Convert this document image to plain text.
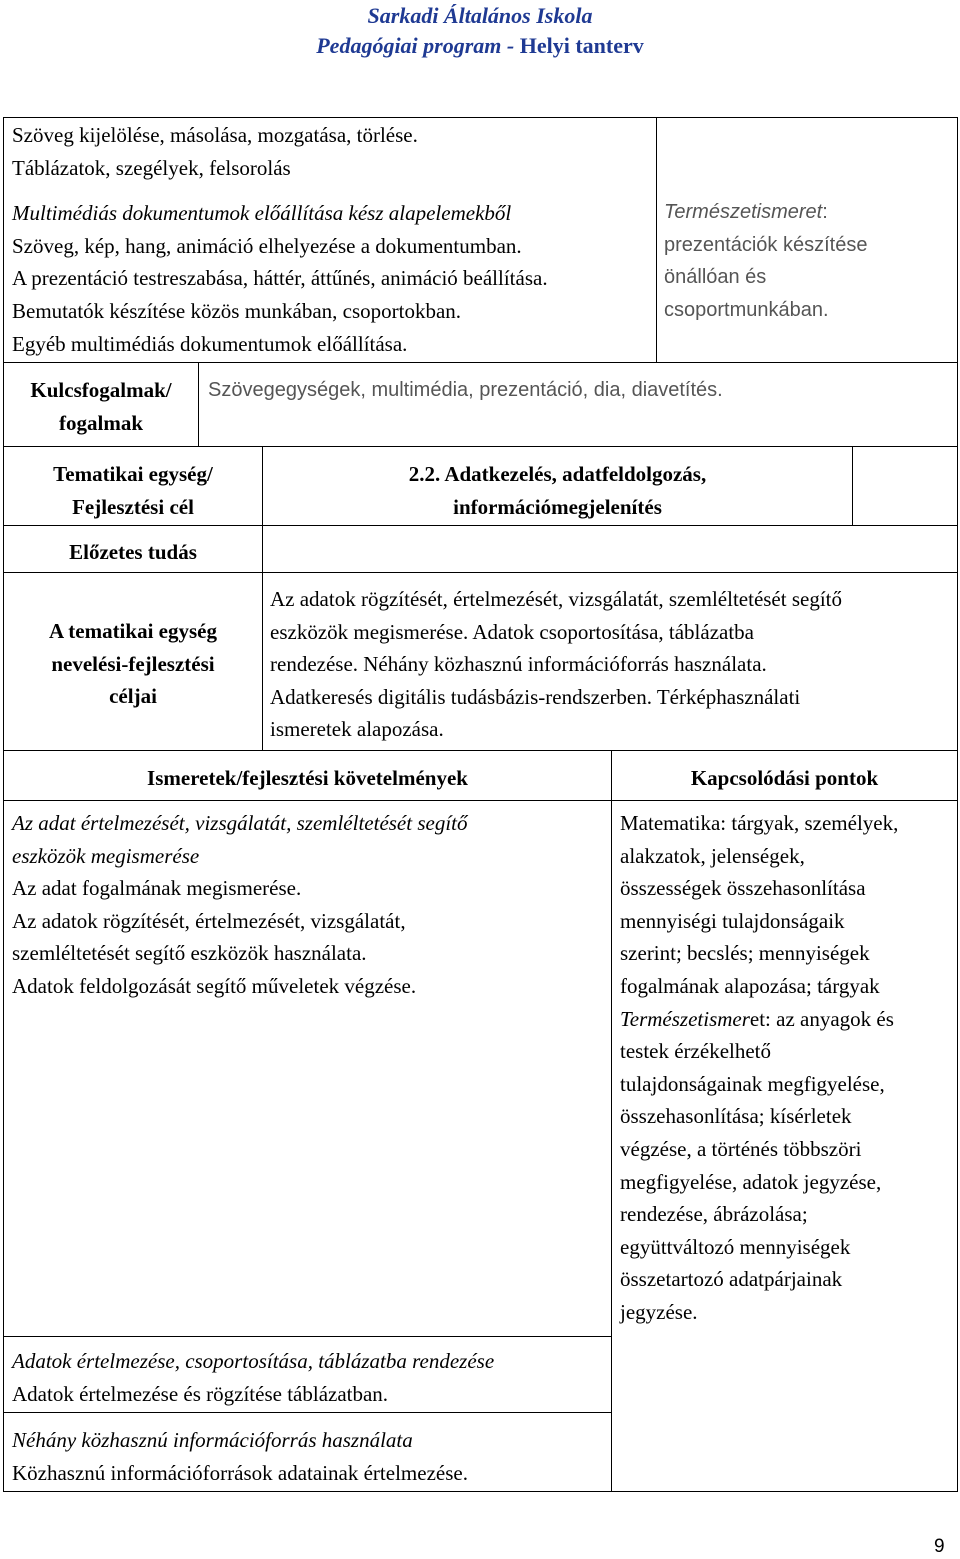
Sarkadi Általános Iskola
Pedagógiai program - Helyi tanterv
Szöveg kijelölése, másolása, mozgatása, törlése.
Táblázatok, szegélyek, felsorolás
Multimédiás dokumentumok előállítása kész alapelemekből
Szöveg, kép, hang, animáció elhelyezése a dokumentumban.
A prezentáció testreszabása, háttér, áttűnés, animáció beállítása.
Bemutatók készítése közös munkában, csoportokban.
Egyéb multimédiás dokumentumok előállítása.
Természetismeret:
prezentációk készítése
önállóan és
csoportmunkában.
Kulcsfogalmak/
fogalmak
Szövegegységek, multimédia, prezentáció, dia, diavetítés.
Tematikai egység/
Fejlesztési cél
2.2. Adatkezelés, adatfeldolgozás,
információmegjelenítés
Előzetes tudás
A tematikai egység
nevelési-fejlesztési
céljai
Az adatok rögzítését, értelmezését, vizsgálatát, szemléltetését segítő
eszközök megismerése. Adatok csoportosítása, táblázatba
rendezése. Néhány közhasznú információforrás használata.
Adatkeresés digitális tudásbázis-rendszerben. Térképhasználati
ismeretek alapozása.
Ismeretek/fejlesztési követelmények	Kapcsolódási pontok
Az adat értelmezését, vizsgálatát, szemléltetését segítő
eszközök megismerése
Az adat fogalmának megismerése.
Az adatok rögzítését, értelmezését, vizsgálatát,
szemléltetését segítő eszközök használata.
Adatok feldolgozását segítő műveletek végzése.
Adatok értelmezése, csoportosítása, táblázatba rendezése
Adatok értelmezése és rögzítése táblázatban.
Néhány közhasznú információforrás használata
Közhasznú információforrások adatainak értelmezése.
Matematika: tárgyak, személyek,
alakzatok, jelenségek,
összességek összehasonlítása
mennyiségi tulajdonságaik
szerint; becslés; mennyiségek
fogalmának alapozása; tárgyak
Természetismeret: az anyagok és
testek érzékelhető
tulajdonságainak megfigyelése,
összehasonlítása; kísérletek
végzése, a történés többszöri
megfigyelése, adatok jegyzése,
rendezése, ábrázolása;
együttváltozó mennyiségek
összetartozó adatpárjainak
jegyzése.
9
